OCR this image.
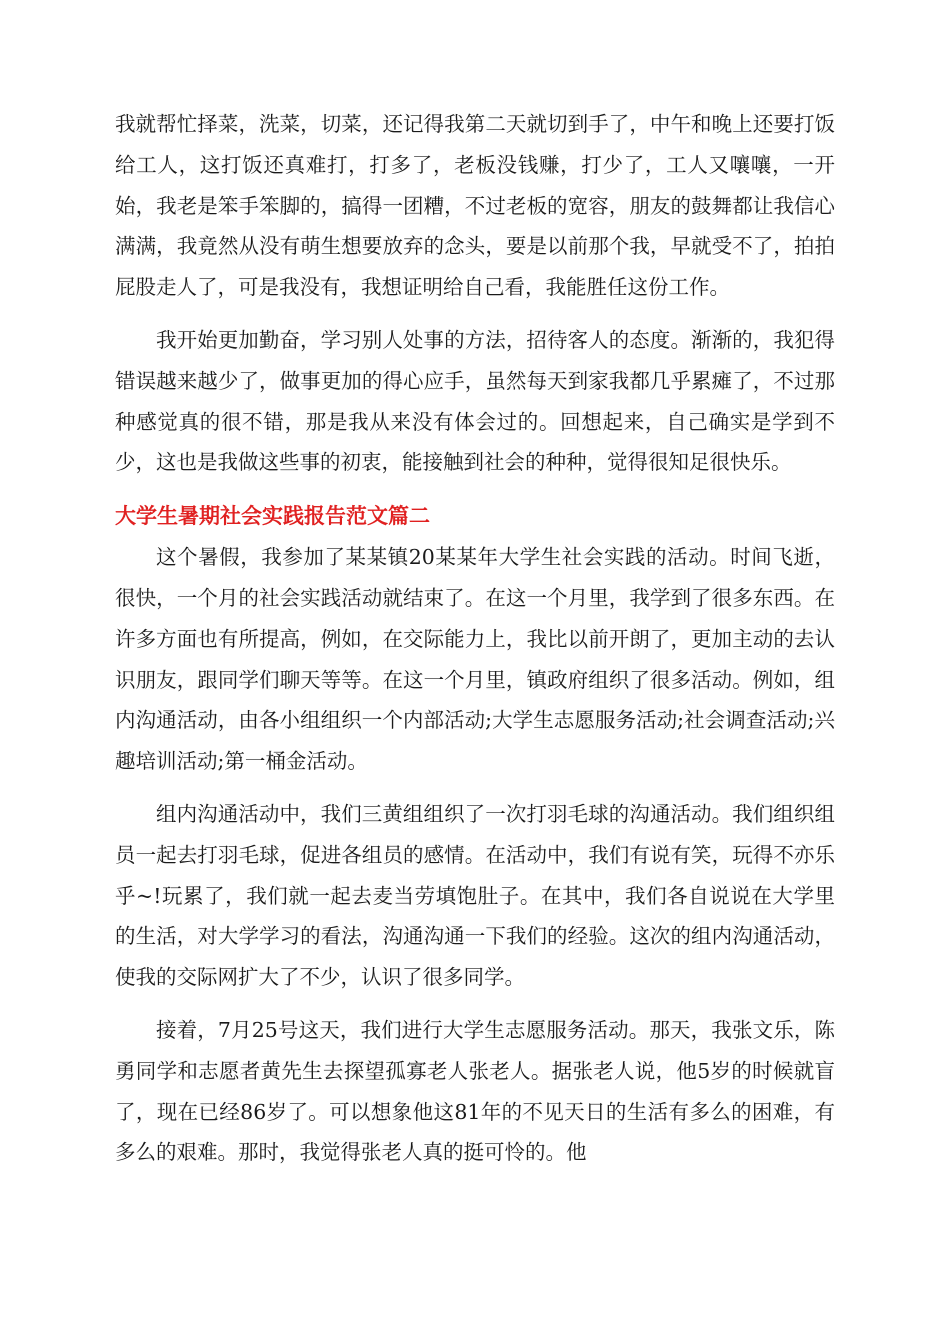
我就帮忙择菜，洗菜，切菜，还记得我第二天就切到手了，中午和晚上还要打饭给工人，这打饭还真难打，打多了，老板没钱赚，打少了，工人又嚷嚷，一开始，我老是笨手笨脚的，搞得一团糟，不过老板的宽容，朋友的鼓舞都让我信心满满，我竟然从没有萌生想要放弃的念头，要是以前那个我，早就受不了，拍拍屁股走人了，可是我没有，我想证明给自己看，我能胜任这份工作。

我开始更加勤奋，学习别人处事的方法，招待客人的态度。渐渐的，我犯得错误越来越少了，做事更加的得心应手，虽然每天到家我都几乎累瘫了，不过那种感觉真的很不错，那是我从来没有体会过的。回想起来，自己确实是学到不少，这也是我做这些事的初衷，能接触到社会的种种，觉得很知足很快乐。

大学生暑期社会实践报告范文篇二

这个暑假，我参加了某某镇20某某年大学生社会实践的活动。时间飞逝，很快，一个月的社会实践活动就结束了。在这一个月里，我学到了很多东西。在许多方面也有所提高，例如，在交际能力上，我比以前开朗了，更加主动的去认识朋友，跟同学们聊天等等。在这一个月里，镇政府组织了很多活动。例如，组内沟通活动，由各小组组织一个内部活动;大学生志愿服务活动;社会调查活动;兴趣培训活动;第一桶金活动。

组内沟通活动中，我们三黄组组织了一次打羽毛球的沟通活动。我们组织组员一起去打羽毛球，促进各组员的感情。在活动中，我们有说有笑，玩得不亦乐乎~!玩累了，我们就一起去麦当劳填饱肚子。在其中，我们各自说说在大学里的生活，对大学学习的看法，沟通沟通一下我们的经验。这次的组内沟通活动，使我的交际网扩大了不少，认识了很多同学。

接着，7月25号这天，我们进行大学生志愿服务活动。那天，我张文乐，陈勇同学和志愿者黄先生去探望孤寡老人张老人。据张老人说，他5岁的时候就盲了，现在已经86岁了。可以想象他这81年的不见天日的生活有多么的困难，有多么的艰难。那时，我觉得张老人真的挺可怜的。他
